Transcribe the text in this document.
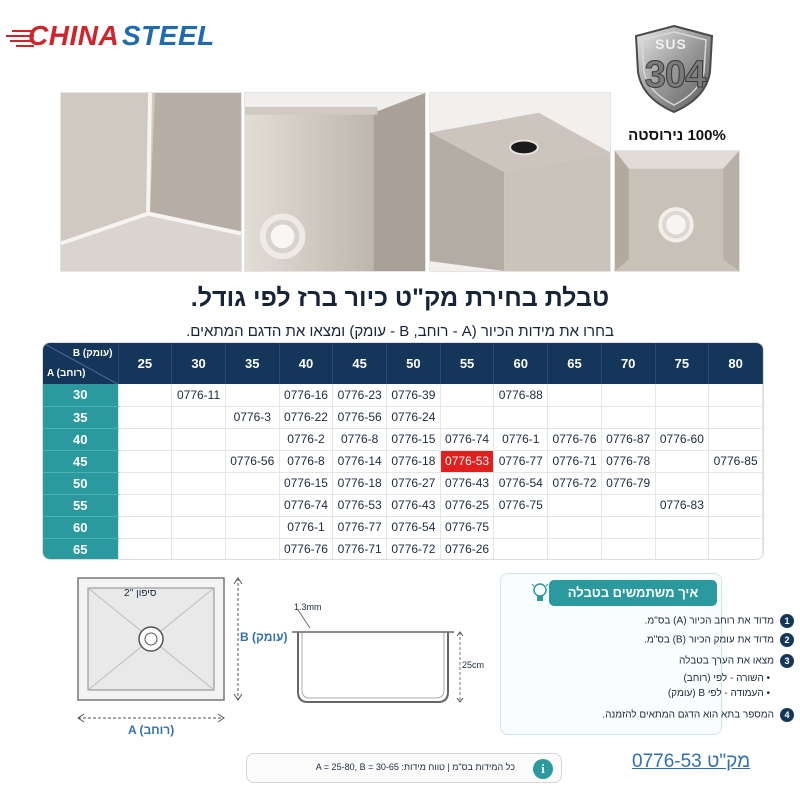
CHINA STEEL	SUS
304
100% נירוסטה
טבלת בחירת מק"ט כיור ברז לפי גודל.
בחרו את מידות הכיור (A - רוחב, B - עומק) ומצאו את הדגם המתאים.
B (עומק)
A (רוחב)	25	30	35	40	45	50	55	60	65	70	75	80
30		0776-11		0776-16	0776-23	0776-39		0776-88				
35			0776-3	0776-22	0776-56	0776-24						
40				0776-2	0776-8	0776-15	0776-74	0776-1	0776-76	0776-87	0776-60	
45			0776-56	0776-8	0776-14	0776-18	0776-53	0776-77	0776-71	0776-78		0776-85
50				0776-15	0776-18	0776-27	0776-43	0776-54	0776-72	0776-79		
55				0776-74	0776-53	0776-43	0776-25	0776-75			0776-83	
60				0776-1	0776-77	0776-54	0776-75					
65				0776-76	0776-71	0776-72	0776-26					
2'' סיפון
B (עומק)
A (רוחב)
1.3mm
25cm
איך משתמשים בטבלה
1מדוד את רוחב הכיור (A) בס"מ.
2מדוד את עומק הכיור (B) בס"מ.
3מצאו את הערך בטבלה
• השורה - לפי (רוחב)
• העמודה - לפי B (עומק)
4המספר בתא הוא הדגם המתאים להזמנה.
כל המידות בס"מ | טווח מידות: A = 25-80, B = 30-65	i	מק"ט 0776-53
